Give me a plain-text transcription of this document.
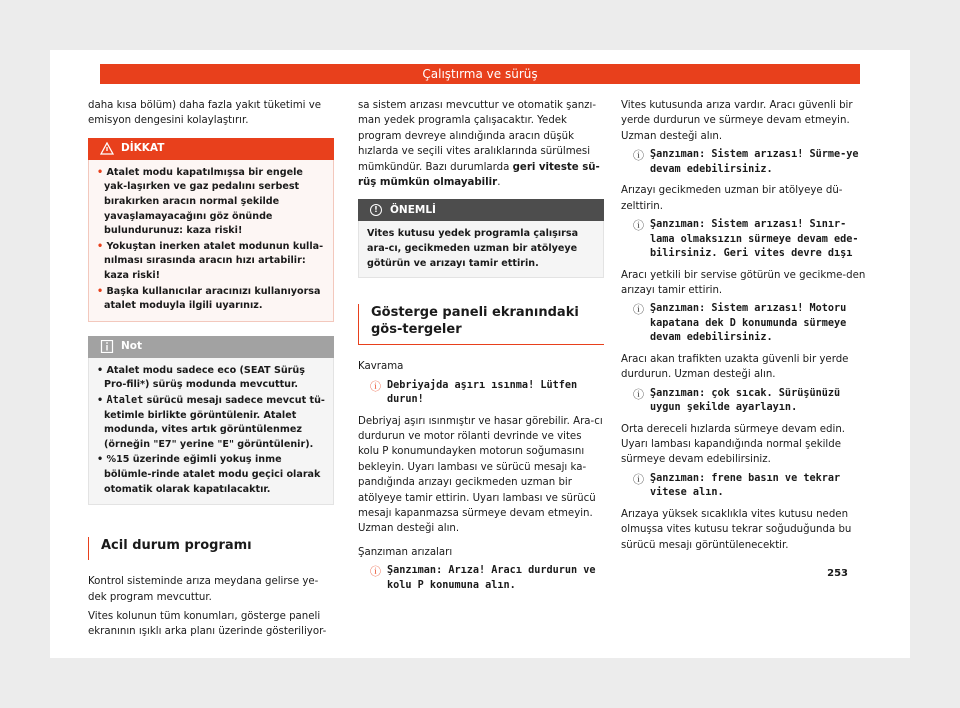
Çalıştırma ve sürüş

daha kısa bölüm) daha fazla yakıt tüketimi ve emisyon dengesini kolaylaştırır.

DİKKAT

• Atalet modu kapatılmışsa bir engele yak-laşırken ve gaz pedalını serbest bırakırken aracın normal şekilde yavaşlamayacağını göz önünde bulundurunuz: kaza riski!

• Yokuştan inerken atalet modunun kulla-nılması sırasında aracın hızı artabilir: kaza riski!

• Başka kullanıcılar aracınızı kullanıyorsa atalet moduyla ilgili uyarınız.

Not

• Atalet modu sadece eco (SEAT Sürüş Pro-fili*) sürüş modunda mevcuttur.

• Atalet sürücü mesajı sadece mevcut tü-ketimle birlikte görüntülenir. Atalet modunda, vites artık görüntülenmez (örneğin "E7" yerine "E" görüntülenir).

• %15 üzerinde eğimli yokuş inme bölümle-rinde atalet modu geçici olarak otomatik olarak kapatılacaktır.

Acil durum programı

Kontrol sisteminde arıza meydana gelirse ye-dek program mevcuttur.

Vites kolunun tüm konumları, gösterge paneli ekranının ışıklı arka planı üzerinde gösteriliyor-

sa sistem arızası mevcuttur ve otomatik şanzı-man yedek programla çalışacaktır. Yedek program devreye alındığında aracın düşük hızlarda ve seçili vites aralıklarında sürülmesi mümkündür. Bazı durumlarda geri viteste sü-rüş mümkün olmayabilir.

!	ÖNEMLİ
Vites kutusu yedek programla çalışırsa ara-cı, gecikmeden uzman bir atölyeye götürün ve arızayı tamir ettirin.
Gösterge paneli ekranındaki gös-tergeler

Kavrama

ⓘ Debriyajda aşırı ısınma! Lütfen durun!

Debriyaj aşırı ısınmıştır ve hasar görebilir. Ara-cı durdurun ve motor rölanti devrinde ve vites kolu P konumundayken motorun soğumasını bekleyin. Uyarı lambası ve sürücü mesajı ka-pandığında arızayı gecikmeden uzman bir atölyeye tamir ettirin. Uyarı lambası ve sürücü mesajı kapanmazsa sürmeye devam etmeyin. Uzman desteği alın.

Şanzıman arızaları

ⓘ Şanzıman: Arıza! Aracı durdurun ve kolu P konumuna alın.

Vites kutusunda arıza vardır. Aracı güvenli bir yerde durdurun ve sürmeye devam etmeyin. Uzman desteği alın.

ⓘ Şanzıman: Sistem arızası! Sürme-ye devam edebilirsiniz.

Arızayı gecikmeden uzman bir atölyeye dü-zelttirin.

ⓘ Şanzıman: Sistem arızası! Sınır-lama olmaksızın sürmeye devam ede-bilirsiniz. Geri vites devre dışı

Aracı yetkili bir servise götürün ve gecikme-den arızayı tamir ettirin.

ⓘ Şanzıman: Sistem arızası! Motoru kapatana dek D konumunda sürmeye devam edebilirsiniz.

Aracı akan trafikten uzakta güvenli bir yerde durdurun. Uzman desteği alın.

ⓘ Şanzıman: çok sıcak. Sürüşünüzü uygun şekilde ayarlayın.

Orta dereceli hızlarda sürmeye devam edin. Uyarı lambası kapandığında normal şekilde sürmeye devam edebilirsiniz.

ⓘ Şanzıman: frene basın ve tekrar vitese alın.

Arızaya yüksek sıcaklıkla vites kutusu neden olmuşsa vites kutusu tekrar soğuduğunda bu sürücü mesajı görüntülenecektir.

253
